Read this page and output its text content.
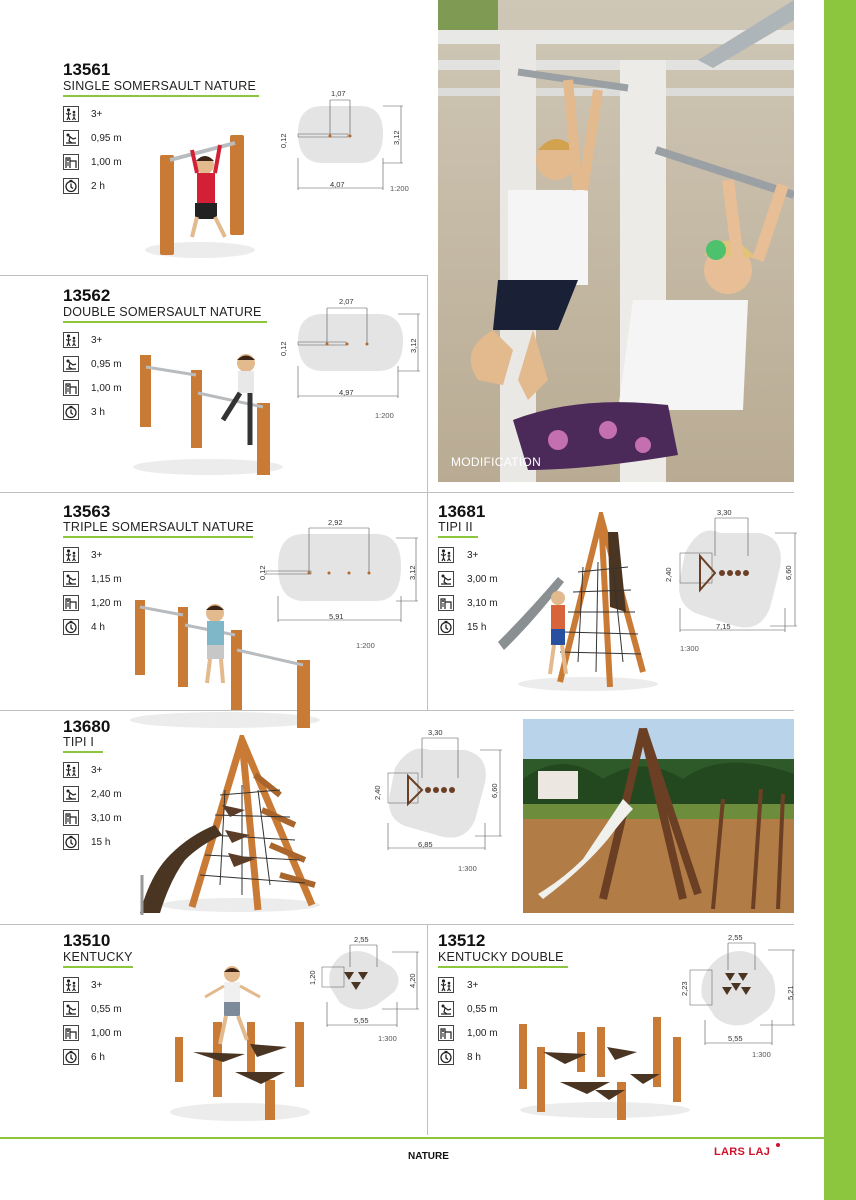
MODIFICATION
13561
SINGLE SOMERSAULT NATURE
3+
0,95 m
1,00 m
2 h
1,07
0,12	3,12
4,07	1:200
13562
DOUBLE SOMERSAULT NATURE
3+
0,95 m
1,00 m
3 h
2,07
0,12	3,12
4,97
1:200
13563
TRIPLE SOMERSAULT NATURE
3+
1,15 m
1,20 m
4 h
2,92
0,12	3,12
5,91
1:200
13681
TIPI II
3+
3,00 m
3,10 m
15 h
3,30
2,40	6,60
7,15
1:300
13680
TIPI I
3+
2,40 m
3,10 m
15 h
3,30
2,40	6,60
6,85
1:300
13510
KENTUCKY
3+
0,55 m
1,00 m
6 h
2,55
1,20	4,20
5,55
1:300
13512
KENTUCKY DOUBLE
3+
0,55 m
1,00 m
8 h
2,55
2,23	5,21
5,55
1:300
NATURE	LARS LAJ	79
